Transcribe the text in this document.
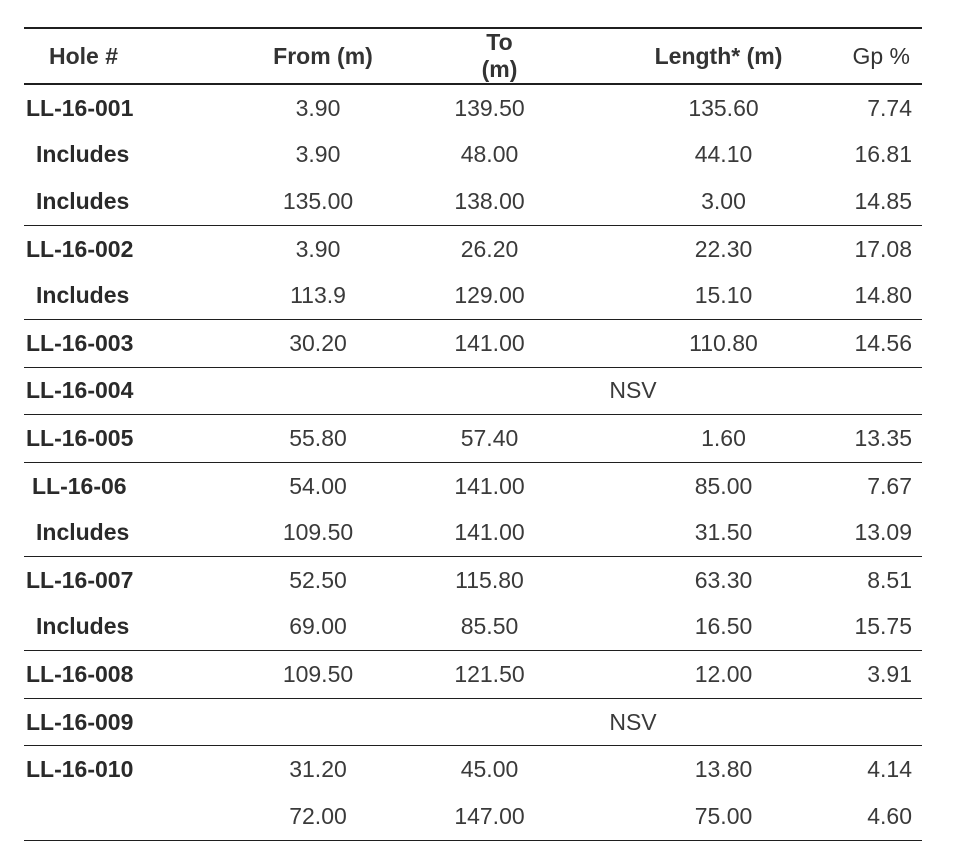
Hole #	From (m)	To (m)	Length* (m)	Gp %
LL-16-001	3.90	139.50	135.60	7.74
Includes	3.90	48.00	44.10	16.81
Includes	135.00	138.00	3.00	14.85
LL-16-002	3.90	26.20	22.30	17.08
Includes	113.9	129.00	15.10	14.80
LL-16-003	30.20	141.00	110.80	14.56
LL-16-004	NSV			
LL-16-005	55.80	57.40	1.60	13.35
LL-16-06	54.00	141.00	85.00	7.67
Includes	109.50	141.00	31.50	13.09
LL-16-007	52.50	115.80	63.30	8.51
Includes	69.00	85.50	16.50	15.75
LL-16-008	109.50	121.50	12.00	3.91
LL-16-009	NSV			
LL-16-010	31.20	45.00	13.80	4.14
	72.00	147.00	75.00	4.60
